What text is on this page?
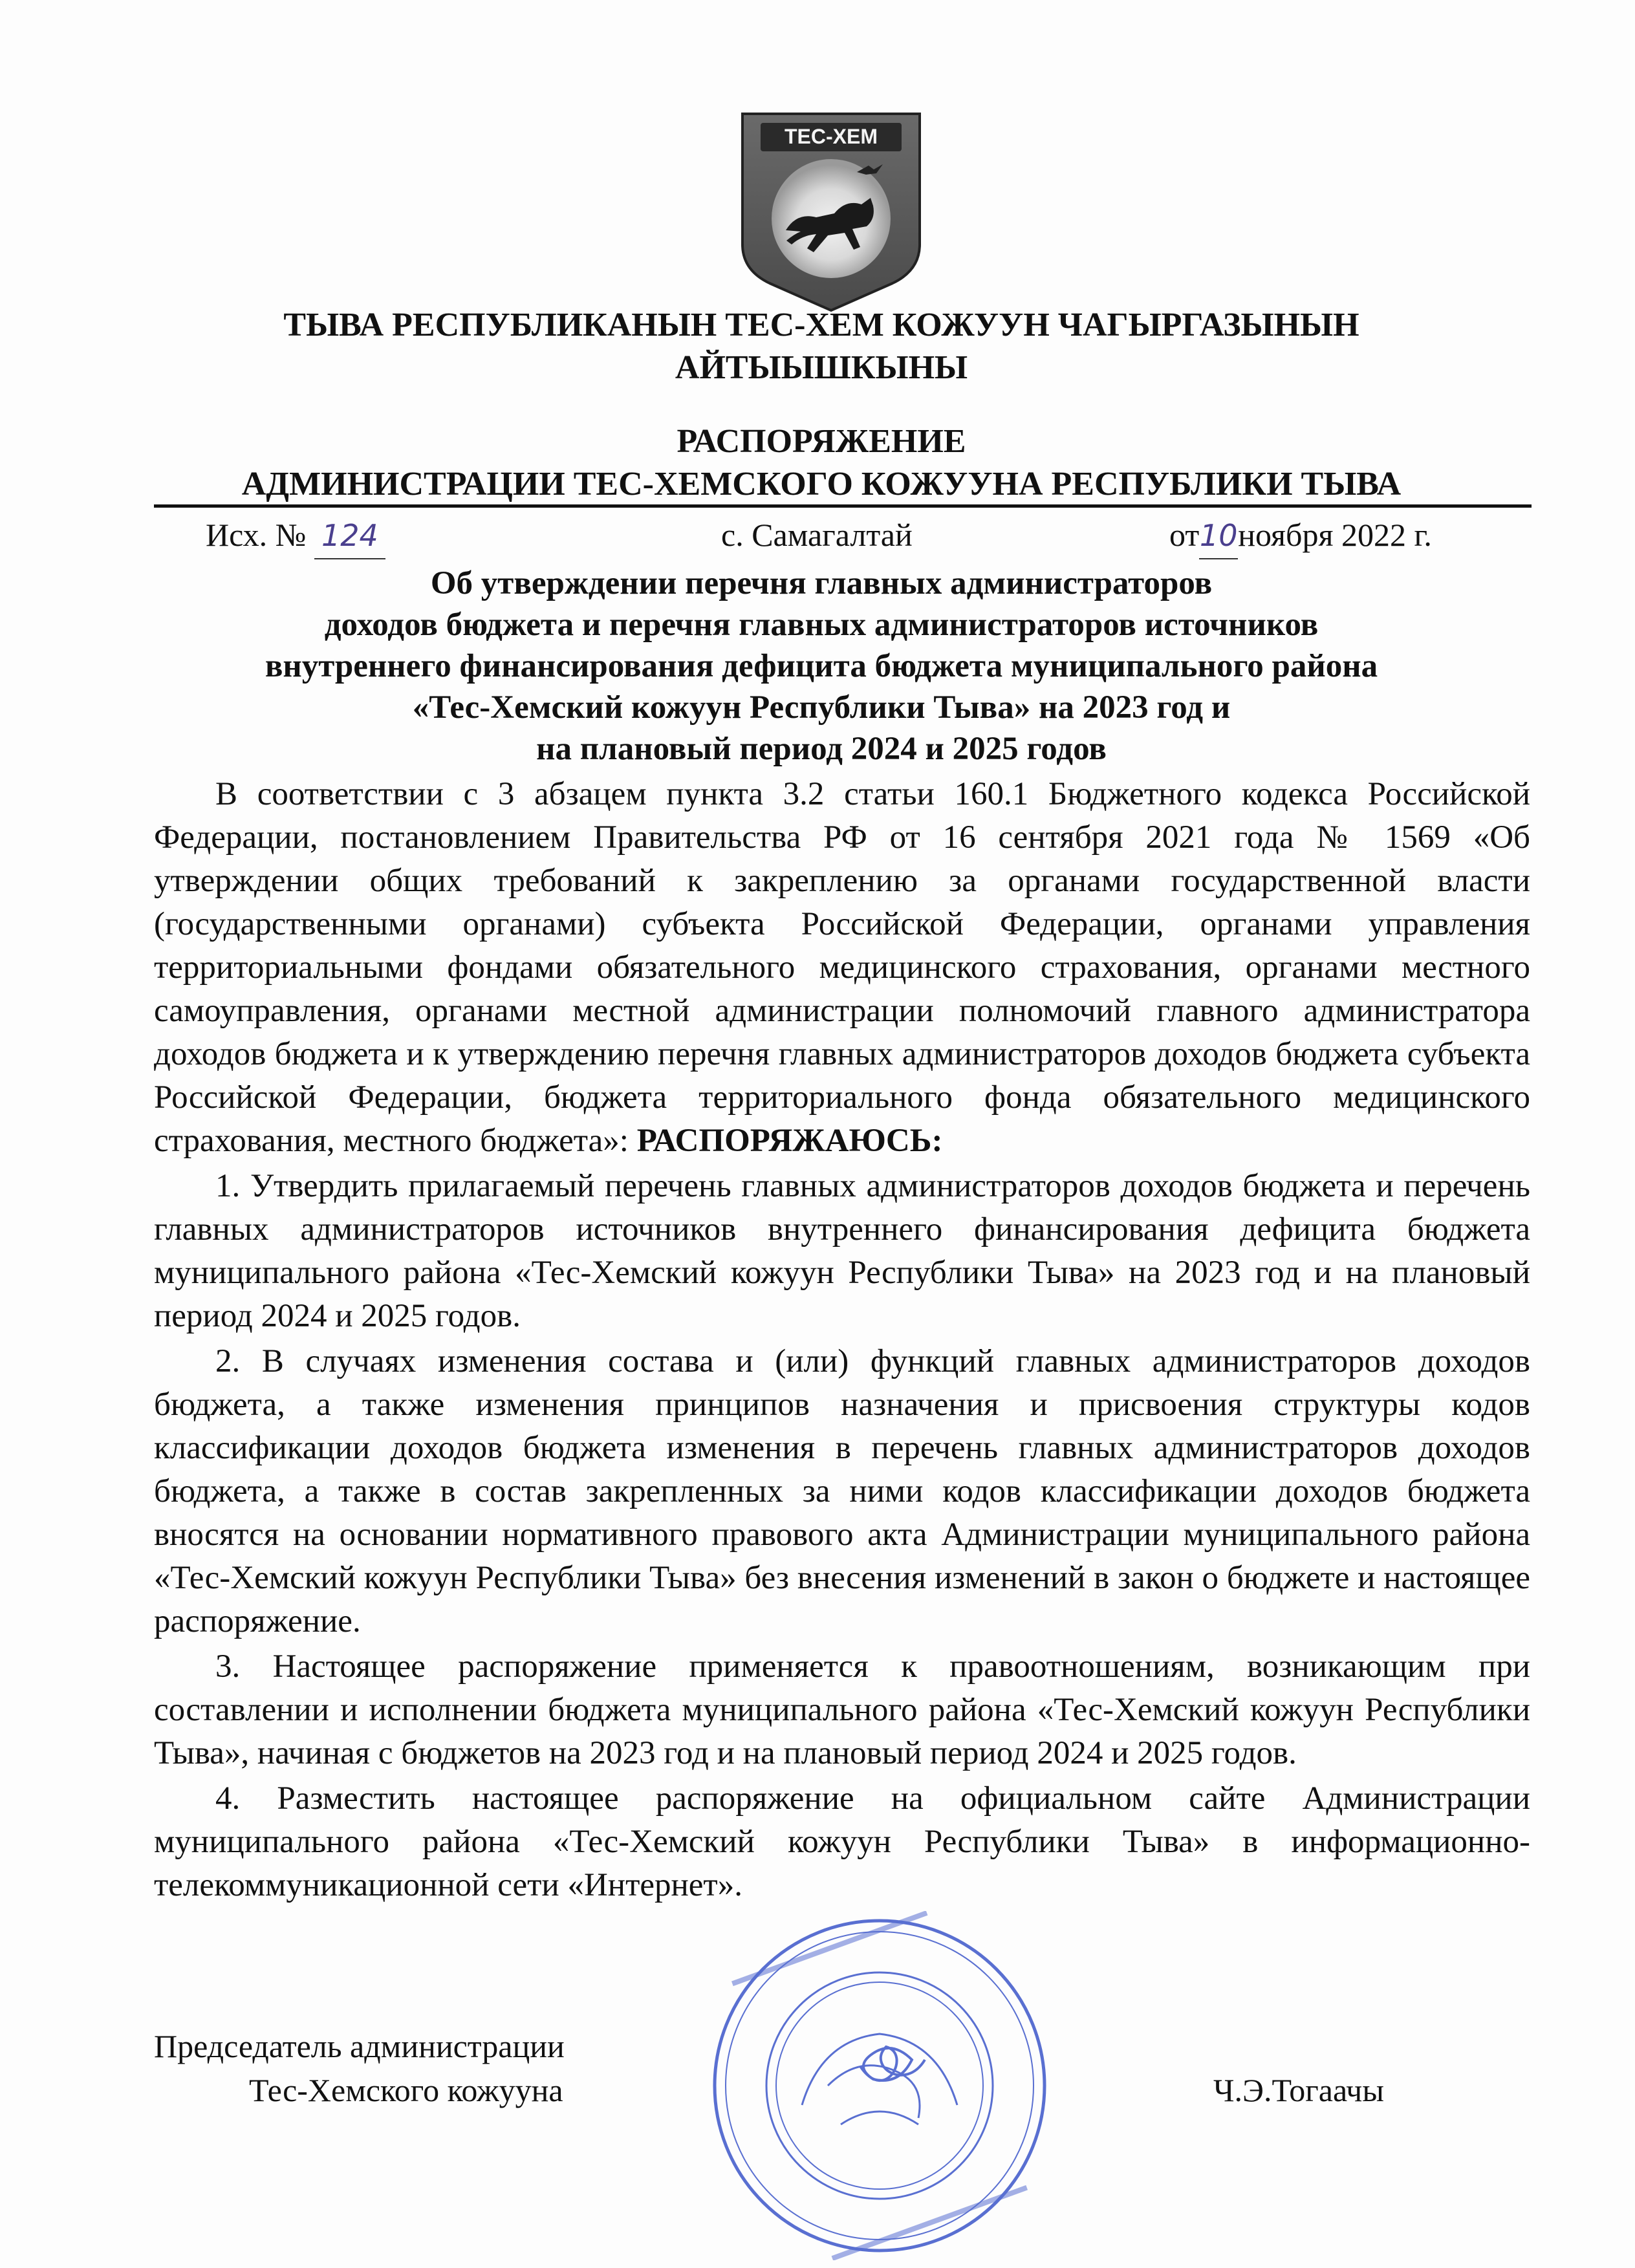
ТЕС-ХЕМ
ТЫВА РЕСПУБЛИКАНЫН ТЕС-ХЕМ КОЖУУН ЧАГЫРГАЗЫНЫН АЙТЫЫШКЫНЫ
РАСПОРЯЖЕНИЕ
АДМИНИСТРАЦИИ ТЕС-ХЕМСКОГО КОЖУУНА РЕСПУБЛИКИ ТЫВА
Исх. № 124	с. Самагалтай	от10ноября 2022 г.
Об утверждении перечня главных администраторов
доходов бюджета и перечня главных администраторов источников
внутреннего финансирования дефицита бюджета муниципального района
«Тес-Хемский кожуун Республики Тыва» на 2023 год и
на плановый период 2024 и 2025 годов

В соответствии с 3 абзацем пункта 3.2 статьи 160.1 Бюджетного кодекса Российской Федерации, постановлением Правительства РФ от 16 сентября 2021 года № 1569 «Об утверждении общих требований к закреплению за органами государственной власти (государственными органами) субъекта Российской Федерации, органами управления территориальными фондами обязательного медицинского страхования, органами местного самоуправления, органами местной администрации полномочий главного администратора доходов бюджета и к утверждению перечня главных администраторов доходов бюджета субъекта Российской Федерации, бюджета территориального фонда обязательного медицинского страхования, местного бюджета»: РАСПОРЯЖАЮСЬ:

1. Утвердить прилагаемый перечень главных администраторов доходов бюджета и перечень главных администраторов источников внутреннего финансирования дефицита бюджета муниципального района «Тес-Хемский кожуун Республики Тыва» на 2023 год и на плановый период 2024 и 2025 годов.

2. В случаях изменения состава и (или) функций главных администраторов доходов бюджета, а также изменения принципов назначения и присвоения структуры кодов классификации доходов бюджета изменения в перечень главных администраторов доходов бюджета, а также в состав закрепленных за ними кодов классификации доходов бюджета вносятся на основании нормативного правового акта Администрации муниципального района «Тес-Хемский кожуун Республики Тыва» без внесения изменений в закон о бюджете и настоящее распоряжение.

3. Настоящее распоряжение применяется к правоотношениям, возникающим при составлении и исполнении бюджета муниципального района «Тес-Хемский кожуун Республики Тыва», начиная с бюджетов на 2023 год и на плановый период 2024 и 2025 годов.

4. Разместить настоящее распоряжение на официальном сайте Администрации муниципального района «Тес-Хемский кожуун Республики Тыва» в информационно-телекоммуникационной сети «Интернет».

Председатель администрации
Тес-Хемского кожууна	Ч.Э.Тогаачы
